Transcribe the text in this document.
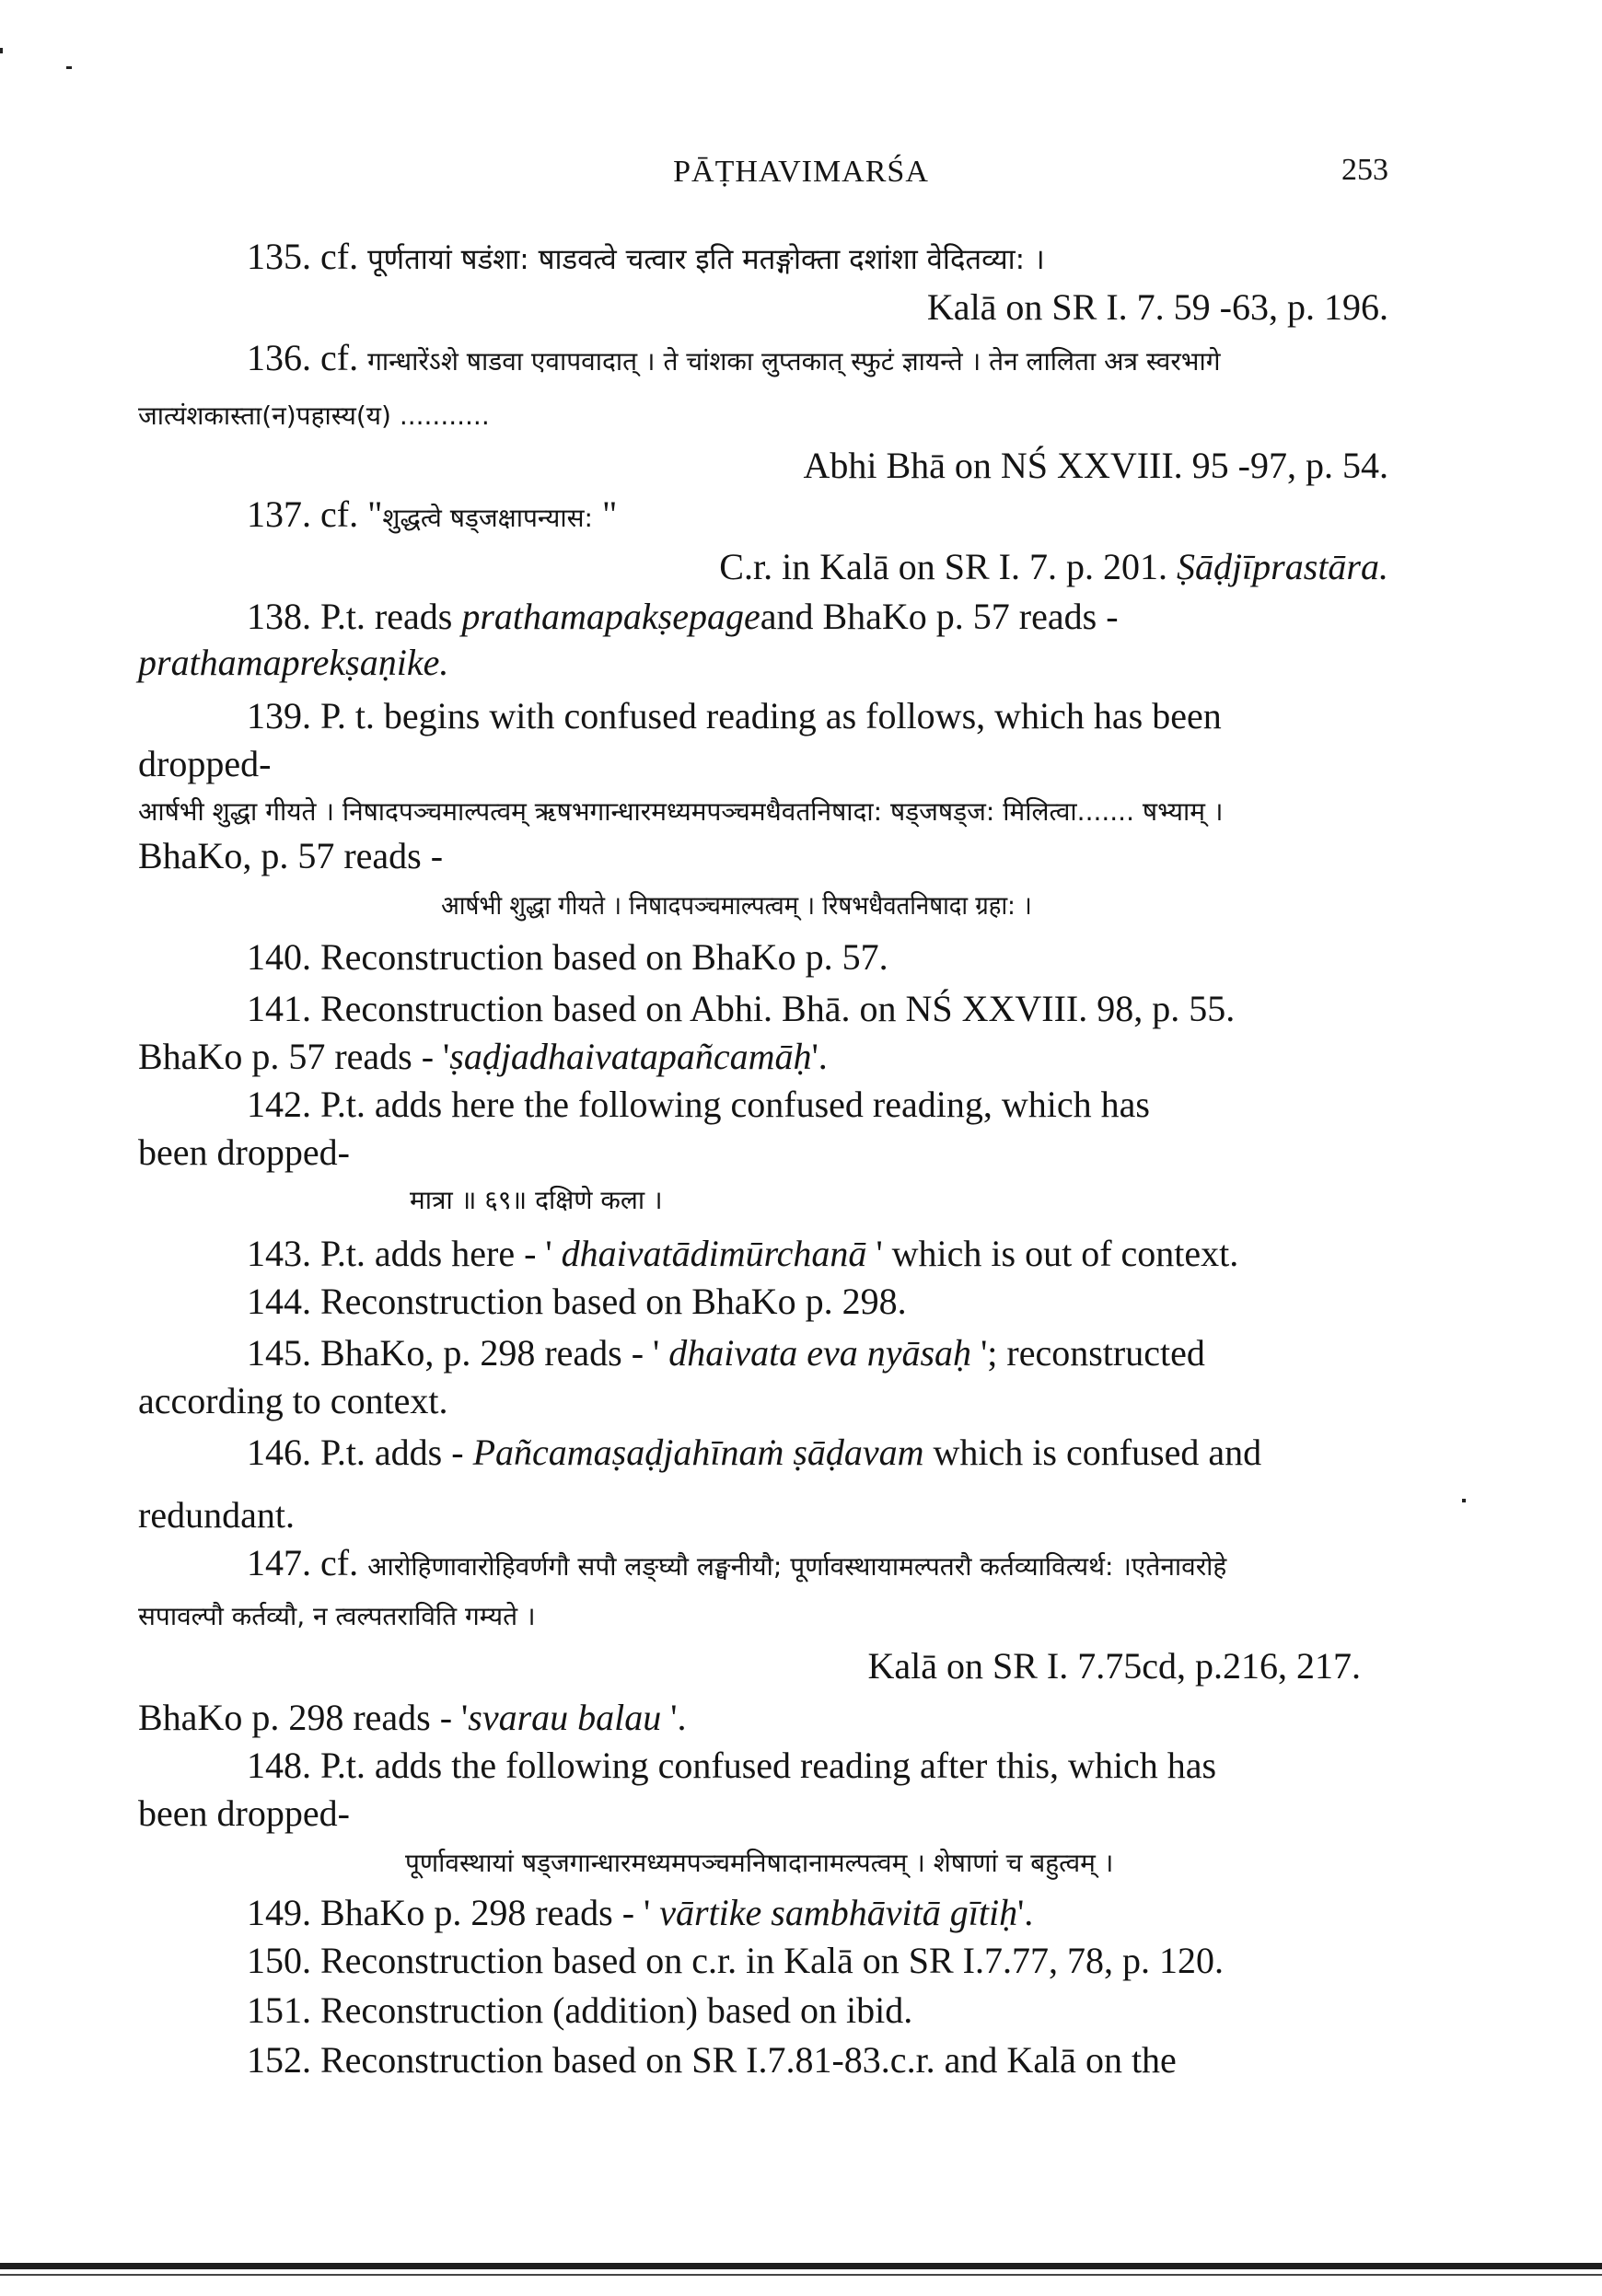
PĀṬHAVIMARŚA	253
135. cf. पूर्णतायां षडंशा: षाडवत्वे चत्वार इति मतङ्गोक्ता दशांशा वेदितव्या: ।
Kalā on SR I. 7. 59 -63, p. 196.
136. cf. गान्धारेंऽशे षाडवा एवापवादात् । ते चांशका लुप्तकात् स्फुटं ज्ञायन्ते । तेन लालिता अत्र स्वरभागे
जात्यंशकास्ता(न)पहास्य(य) ...........
Abhi Bhā on NŚ XXVIII. 95 -97, p. 54.
137. cf. "शुद्धत्वे षड्जक्षापन्यास: "
C.r. in Kalā on SR I. 7. p. 201. Ṣāḍjīprastāra.
138. P.t. reads prathamapakṣepageand BhaKo p. 57 reads -
prathamaprekṣaṇike.
139. P. t. begins with confused reading as follows, which has been
dropped-
आर्षभी शुद्धा गीयते । निषादपञ्चमाल्पत्वम् ऋषभगान्धारमध्यमपञ्चमधैवतनिषादा: षड्जषड्ज: मिलित्वा....... षभ्याम् ।
BhaKo, p. 57 reads -
आर्षभी शुद्धा गीयते । निषादपञ्चमाल्पत्वम् । रिषभधैवतनिषादा ग्रहा: ।
140. Reconstruction based on BhaKo p. 57.
141. Reconstruction based on Abhi. Bhā. on NŚ XXVIII. 98, p. 55.
BhaKo p. 57 reads - 'ṣaḍjadhaivatapañcamāḥ'.
142. P.t. adds here the following confused reading, which has
been dropped-
मात्रा ॥ ६९॥ दक्षिणे कला ।
143. P.t. adds here - ' dhaivatādimūrchanā ' which is out of context.
144. Reconstruction based on BhaKo p. 298.
145. BhaKo, p. 298 reads - ' dhaivata eva nyāsaḥ '; reconstructed
according to context.
146. P.t. adds - Pañcamaṣaḍjahīnaṁ ṣāḍavam which is confused and
redundant.
147. cf. आरोहिणावारोहिवर्णगौ सपौ लङ्घ्यौ लङ्घनीयौ; पूर्णावस्थायामल्पतरौ कर्तव्यावित्यर्थ: ।एतेनावरोहे
सपावल्पौ कर्तव्यौ, न त्वल्पतराविति गम्यते ।
Kalā on SR I. 7.75cd, p.216, 217.
BhaKo p. 298 reads - 'svarau balau '.
148. P.t. adds the following confused reading after this, which has
been dropped-
पूर्णावस्थायां षड्जगान्धारमध्यमपञ्चमनिषादानामल्पत्वम् । शेषाणां च बहुत्वम् ।
149. BhaKo p. 298 reads - ' vārtike sambhāvitā gītiḥ'.
150. Reconstruction based on c.r. in Kalā on SR I.7.77, 78, p. 120.
151. Reconstruction (addition) based on ibid.
152. Reconstruction based on SR I.7.81-83.c.r. and Kalā on the
